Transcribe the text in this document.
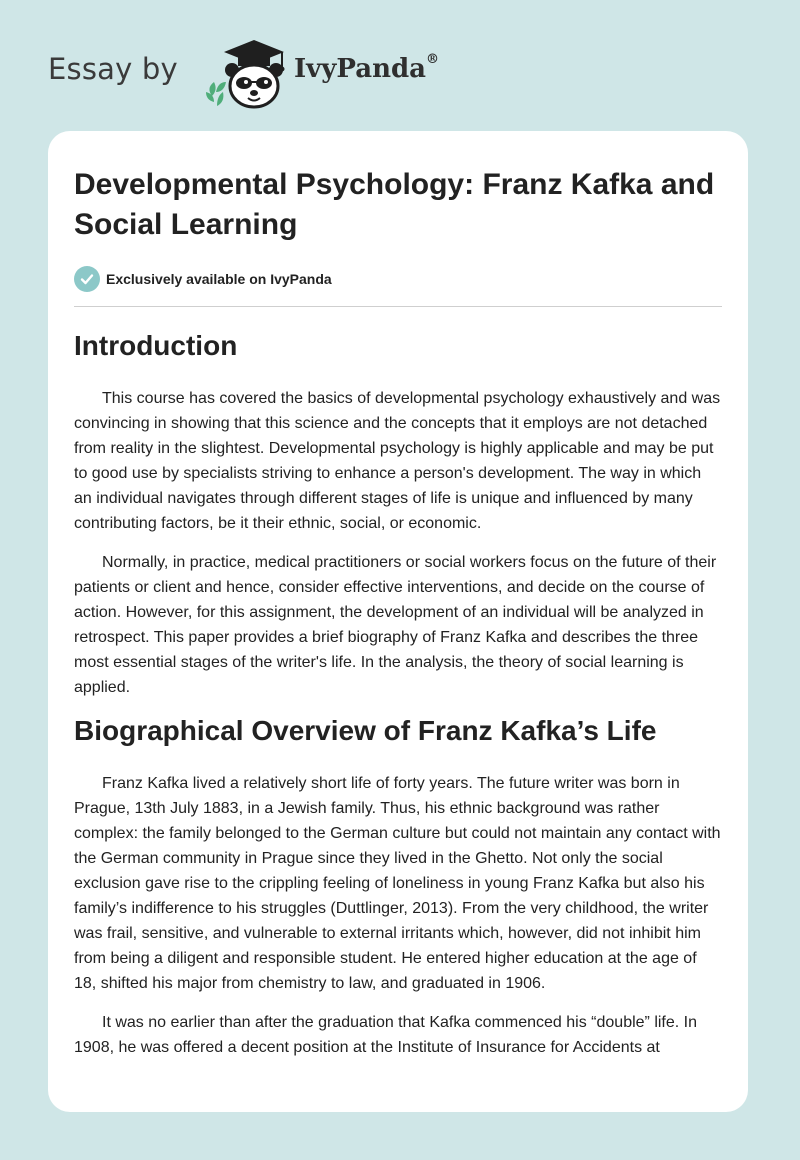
Essay by	IvyPanda®
Developmental Psychology: Franz Kafka and Social Learning
Exclusively available on IvyPanda
Introduction

This course has covered the basics of developmental psychology exhaustively and was convincing in showing that this science and the concepts that it employs are not detached from reality in the slightest. Developmental psychology is highly applicable and may be put to good use by specialists striving to enhance a person's development. The way in which an individual navigates through different stages of life is unique and influenced by many contributing factors, be it their ethnic, social, or economic.

Normally, in practice, medical practitioners or social workers focus on the future of their patients or client and hence, consider effective interventions, and decide on the course of action. However, for this assignment, the development of an individual will be analyzed in retrospect. This paper provides a brief biography of Franz Kafka and describes the three most essential stages of the writer's life. In the analysis, the theory of social learning is applied.

Biographical Overview of Franz Kafka’s Life

Franz Kafka lived a relatively short life of forty years. The future writer was born in Prague, 13th July 1883, in a Jewish family. Thus, his ethnic background was rather complex: the family belonged to the German culture but could not maintain any contact with the German community in Prague since they lived in the Ghetto. Not only the social exclusion gave rise to the crippling feeling of loneliness in young Franz Kafka but also his family’s indifference to his struggles (Duttlinger, 2013). From the very childhood, the writer was frail, sensitive, and vulnerable to external irritants which, however, did not inhibit him from being a diligent and responsible student. He entered higher education at the age of 18, shifted his major from chemistry to law, and graduated in 1906.

It was no earlier than after the graduation that Kafka commenced his “double” life. In 1908, he was offered a decent position at the Institute of Insurance for Accidents at
